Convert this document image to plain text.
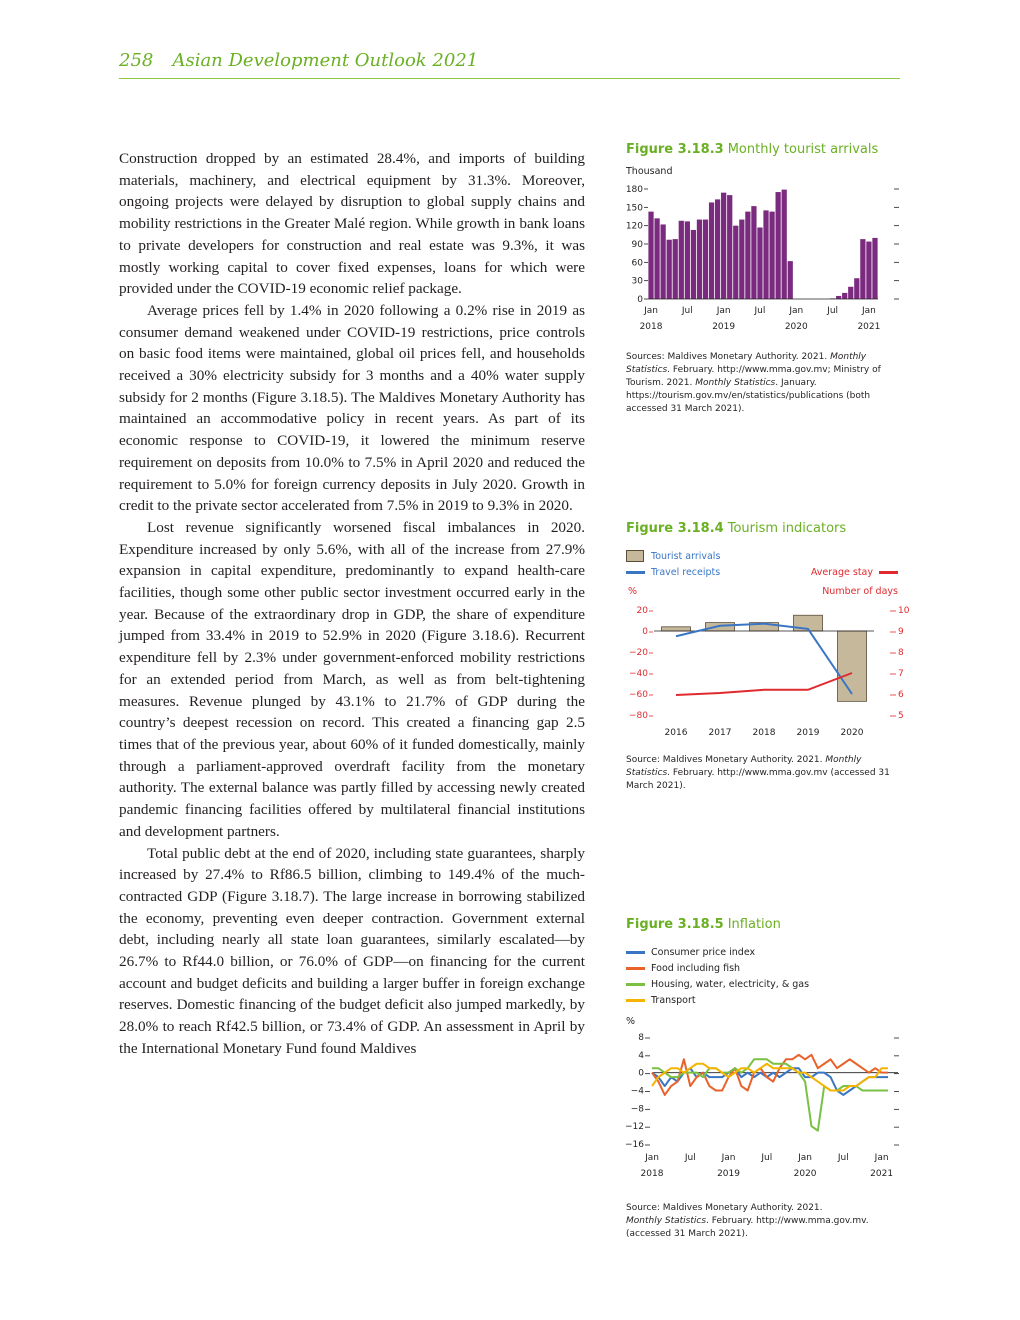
258 Asian Development Outlook 2021

Construction dropped by an estimated 28.4%, and imports of building materials, machinery, and electrical equipment by 31.3%. Moreover, ongoing projects were delayed by disruption to global supply chains and mobility restrictions in the Greater Malé region. While growth in bank loans to private developers for construction and real estate was 9.3%, it was mostly working capital to cover fixed expenses, loans for which were provided under the COVID-19 economic relief package.

Average prices fell by 1.4% in 2020 following a 0.2% rise in 2019 as consumer demand weakened under COVID-19 restrictions, price controls on basic food items were maintained, global oil prices fell, and households received a 30% electricity subsidy for 3 months and a 40% water supply subsidy for 2 months (Figure 3.18.5). The Maldives Monetary Authority has maintained an accommodative policy in recent years. As part of its economic response to COVID-19, it lowered the minimum reserve requirement on deposits from 10.0% to 7.5% in April 2020 and reduced the requirement to 5.0% for foreign currency deposits in July 2020. Growth in credit to the private sector accelerated from 7.5% in 2019 to 9.3% in 2020.

Lost revenue significantly worsened fiscal imbalances in 2020. Expenditure increased by only 5.6%, with all of the increase from 27.9% expansion in capital expenditure, predominantly to expand health-care facilities, though some other public sector investment occurred early in the year. Because of the extraordinary drop in GDP, the share of expenditure jumped from 33.4% in 2019 to 52.9% in 2020 (Figure 3.18.6). Recurrent expenditure fell by 2.3% under government-enforced mobility restrictions for an extended period from March, as well as from belt-tightening measures. Revenue plunged by 43.1% to 21.7% of GDP during the country’s deepest recession on record. This created a financing gap 2.5 times that of the previous year, about 60% of it funded domestically, mainly through a parliament-approved overdraft facility from the monetary authority. The external balance was partly filled by accessing newly created pandemic financing facilities offered by multilateral financial institutions and development partners.

Total public debt at the end of 2020, including state guarantees, sharply increased by 27.4% to Rf86.5 billion, climbing to 149.4% of the much-contracted GDP (Figure 3.18.7). The large increase in borrowing stabilized the economy, preventing even deeper contraction. Government external debt, including nearly all state loan guarantees, similarly escalated—by 26.7% to Rf44.0 billion, or 76.0% of GDP—on financing for the current account and budget deficits and building a larger buffer in foreign exchange reserves. Domestic financing of the budget deficit also jumped markedly, by 28.0% to reach Rf42.5 billion, or 73.4% of GDP. An assessment in April by the International Monetary Fund found Maldives

Figure 3.18.3 Monthly tourist arrivals
Thousand
0
30
60
90
120
150
180
Jan	Jul	Jan	Jul	Jan	Jul	Jan
2018	2019	2020	2021
Sources: Maldives Monetary Authority. 2021. Monthly Statistics. February. http://www.mma.gov.mv; Ministry of Tourism. 2021. Monthly Statistics. January. https://tourism.gov.mv/en/statistics/publications (both accessed 31 March 2021).
Figure 3.18.4 Tourism indicators
Tourist arrivals
Travel receipts	Average stay
%	Number of days
20
0
−20
−40
−60
−80
10
9
8
7
6
5
2016 2017 2018 2019 2020
Source: Maldives Monetary Authority. 2021. Monthly Statistics. February. http://www.mma.gov.mv (accessed 31 March 2021).
Figure 3.18.5 Inflation
Consumer price index
Food including fish
Housing, water, electricity, & gas
Transport
%
8
4
0
−4
−8
−12
−16
Jan	Jul	Jan	Jul	Jan	Jul	Jan
2018	2019	2020	2021
Source: Maldives Monetary Authority. 2021.
Monthly Statistics. February. http://www.mma.gov.mv. (accessed 31 March 2021).
